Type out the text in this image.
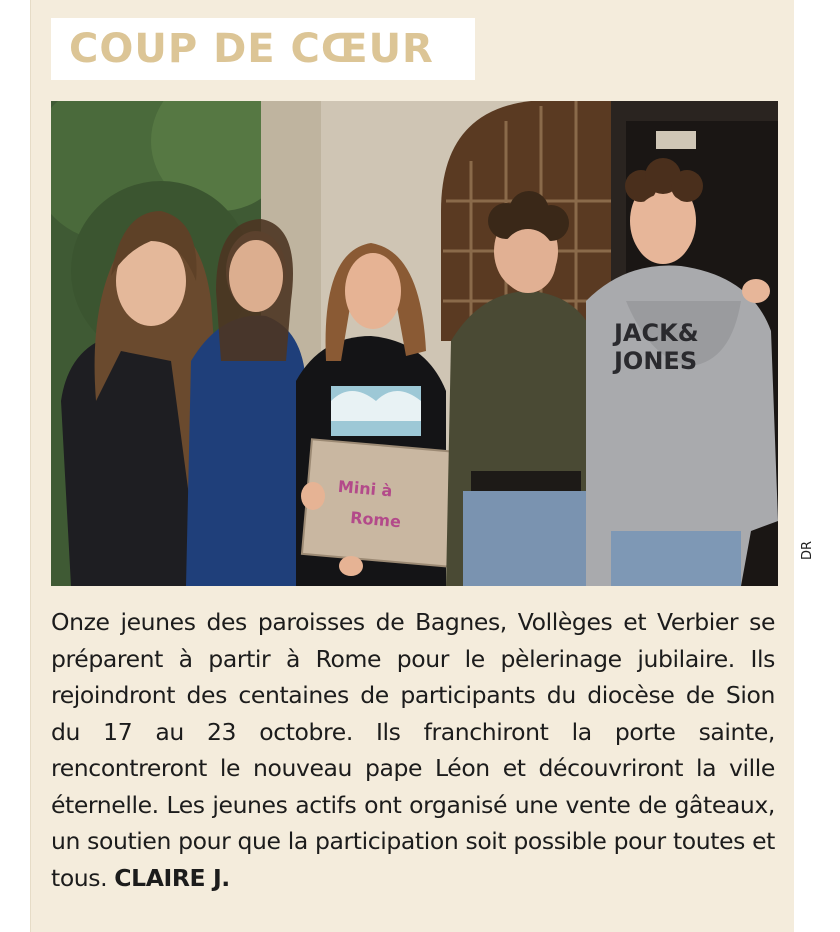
COUP DE CŒUR
Mini à
Rome
JACK&
JONES
DR

Onze jeunes des paroisses de Bagnes, Vollèges et Verbier se préparent à partir à Rome pour le pèlerinage jubilaire. Ils rejoindront des centaines de participants du diocèse de Sion du 17 au 23 octobre. Ils franchiront la porte sainte, rencontreront le nouveau pape Léon et découvriront la ville éternelle. Les jeunes actifs ont organisé une vente de gâteaux, un soutien pour que la participation soit possible pour toutes et tous. CLAIRE J.
